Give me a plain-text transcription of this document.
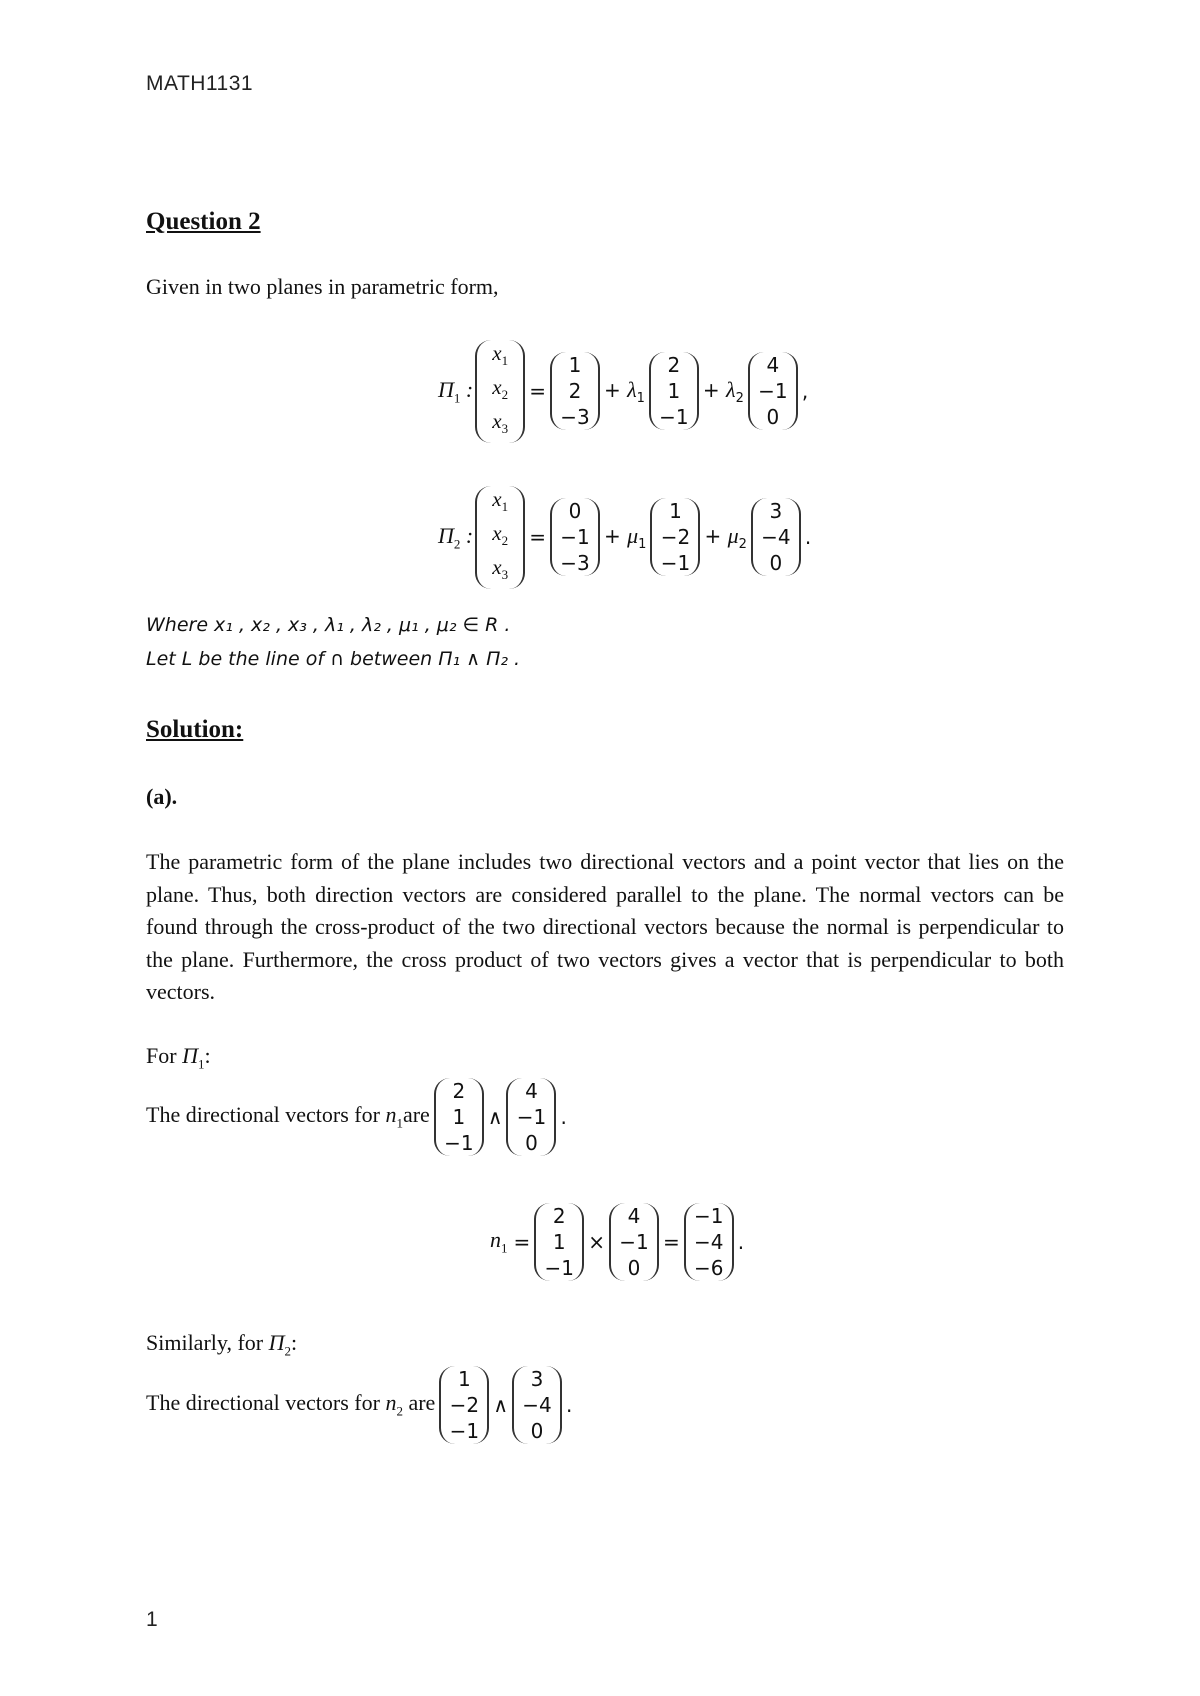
MATH1131
Question 2
Given in two planes in parametric form,
$\Pi_1$ :
$x_1$
$x_2$
$x_3$
=
1
2
−3
+ $\lambda_1$
2
1
−1
+ $\lambda_2$
4
−1
0
,
$\Pi_2$ :
$x_1$
$x_2$
$x_3$
=
0
−1
−3
+ $\mu_1$
1
−2
−1
+ $\mu_2$
3
−4
0
.
Where x₁ , x₂ , x₃ , λ₁ , λ₂ , μ₁ , μ₂ ∈ R .
Let L be the line of ∩ between Π₁ ∧ Π₂ .
Solution:
(a).
The parametric form of the plane includes two directional vectors and a point vector that lies on the plane. Thus, both direction vectors are considered parallel to the plane. The normal vectors can be found through the cross-product of the two directional vectors because the normal is perpendicular to the plane. Furthermore, the cross product of two vectors gives a vector that is perpendicular to both vectors.
For $\Pi_1$:
The directional vectors for $n_1are$
2
1
−1
∧
4
−1
0
.
$n_1$ =
2
1
−1
×
4
−1
0
=
−1
−4
−6
.
Similarly, for $\Pi_2$:
The directional vectors for $n_2$ are
1
−2
−1
∧
3
−4
0
.
1
